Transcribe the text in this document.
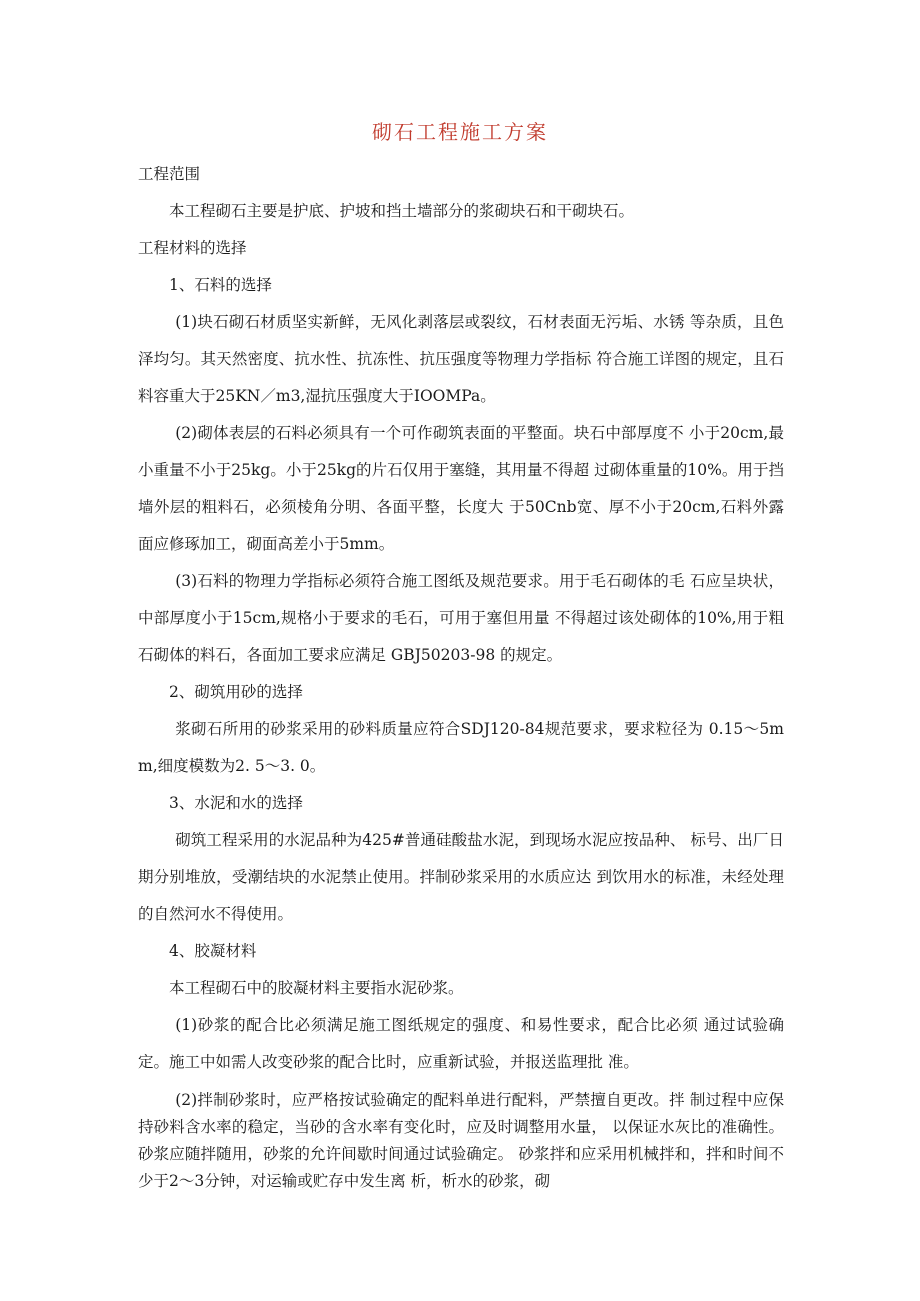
砌石工程施工方案

工程范围

本工程砌石主要是护底、护坡和挡土墙部分的浆砌块石和干砌块石。

工程材料的选择

1、石料的选择

(1)块石砌石材质坚实新鲜，无风化剥落层或裂纹，石材表面无污垢、水锈 等杂质，且色泽均匀。其天然密度、抗水性、抗冻性、抗压强度等物理力学指标 符合施工详图的规定，且石料容重大于25KN／m3,湿抗压强度大于IOOMPa。

(2)砌体表层的石料必须具有一个可作砌筑表面的平整面。块石中部厚度不 小于20cm,最小重量不小于25kg。小于25kg的片石仅用于塞缝，其用量不得超 过砌体重量的10%。用于挡墙外层的粗料石，必须棱角分明、各面平整，长度大 于50Cnb宽、厚不小于20cm,石料外露面应修琢加工，砌面高差小于5mm。

(3)石料的物理力学指标必须符合施工图纸及规范要求。用于毛石砌体的毛 石应呈块状，中部厚度小于15cm,规格小于要求的毛石，可用于塞但用量 不得超过该处砌体的10%,用于粗石砌体的料石，各面加工要求应满足 GBJ50203-98 的规定。

2、砌筑用砂的选择

浆砌石所用的砂浆采用的砂料质量应符合SDJ120-84规范要求，要求粒径为 0.15～5mm,细度模数为2. 5～3. 0。

3、水泥和水的选择

砌筑工程采用的水泥品种为425#普通硅酸盐水泥，到现场水泥应按品种、 标号、出厂日期分别堆放，受潮结块的水泥禁止使用。拌制砂浆采用的水质应达 到饮用水的标准，未经处理的自然河水不得使用。

4、胶凝材料

本工程砌石中的胶凝材料主要指水泥砂浆。

(1)砂浆的配合比必须满足施工图纸规定的强度、和易性要求，配合比必须 通过试验确定。施工中如需人改变砂浆的配合比时，应重新试验，并报送监理批 准。

(2)拌制砂浆时，应严格按试验确定的配料单进行配料，严禁擅自更改。拌 制过程中应保持砂料含水率的稳定，当砂的含水率有变化时，应及时调整用水量， 以保证水灰比的准确性。砂浆应随拌随用，砂浆的允许间歇时间通过试验确定。 砂浆拌和应采用机械拌和，拌和时间不少于2～3分钟，对运输或贮存中发生离 析，析水的砂浆，砌
